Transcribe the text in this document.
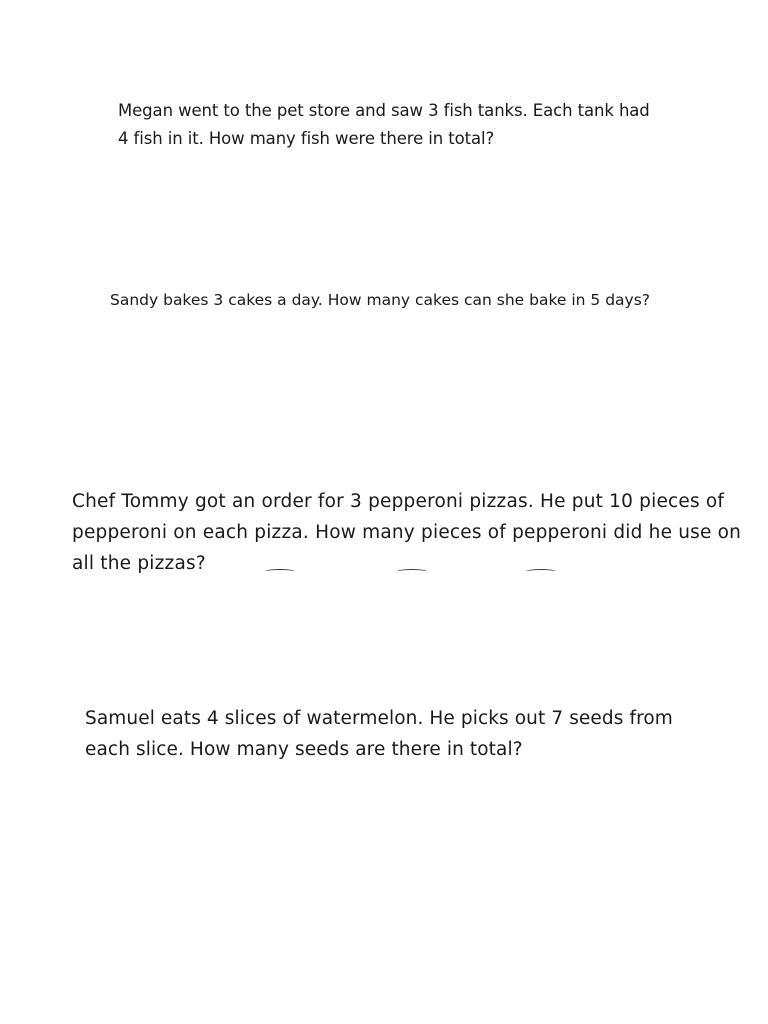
Megan went to the pet store and saw 3 fish tanks. Each tank had

4 fish in it. How many fish were there in total?

Sandy bakes 3 cakes a day. How many cakes can she bake in 5 days?

Chef Tommy got an order for 3 pepperoni pizzas. He put 10 pieces of

pepperoni on each pizza. How many pieces of pepperoni did he use on

all the pizzas?

Samuel eats 4 slices of watermelon. He picks out 7 seeds from

each slice. How many seeds are there in total?
